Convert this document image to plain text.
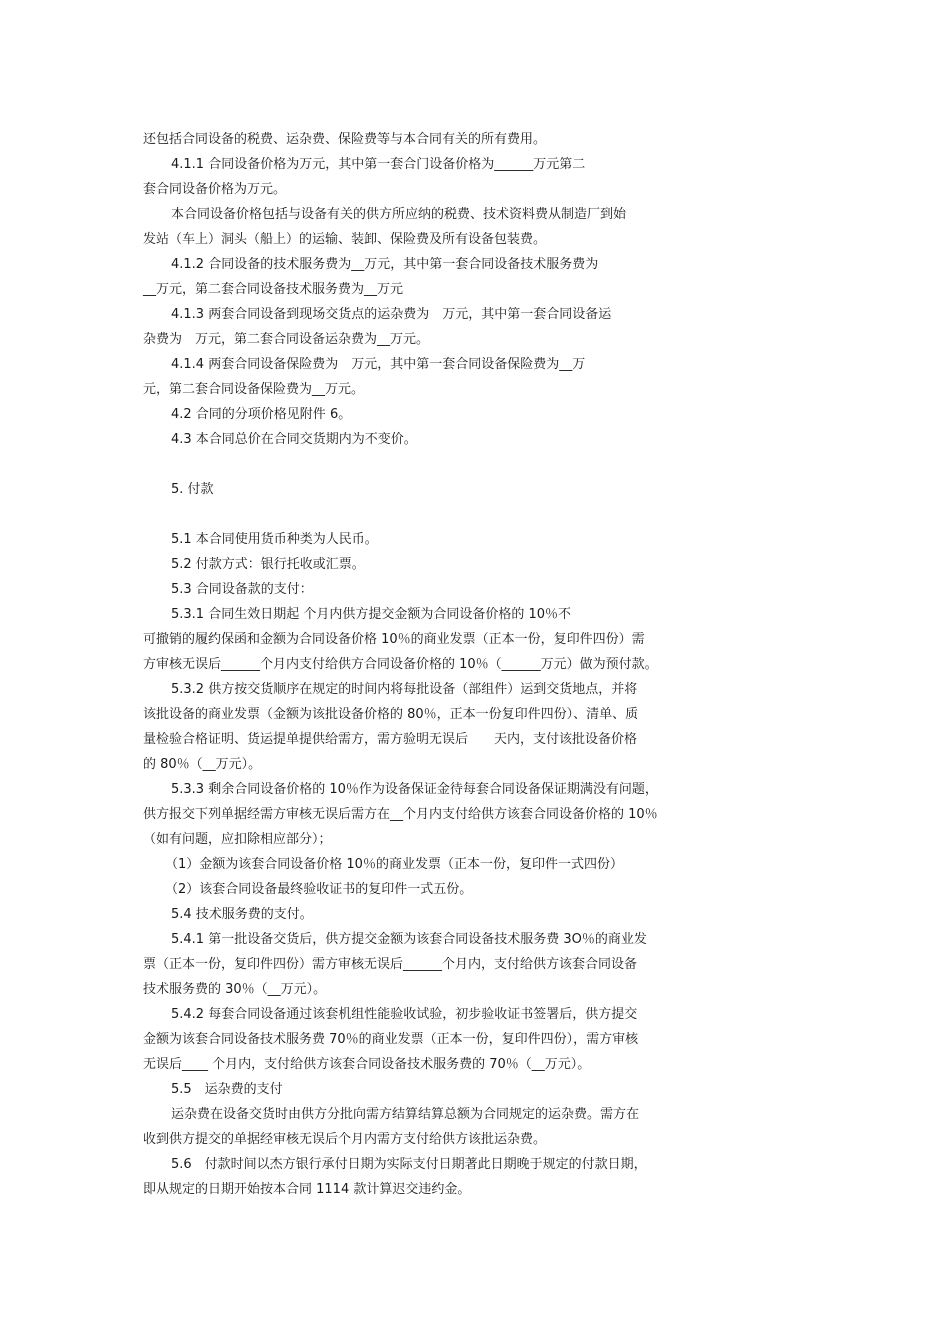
还包括合同设备的税费、运杂费、保险费等与本合同有关的所有费用。
4.1.1 合同设备价格为万元，其中第一套合门设备价格为______万元第二
套合同设备价格为万元。
本合同设备价格包括与设备有关的供方所应纳的税费、技术资料费从制造厂到始
发站（车上）洞头（船上）的运输、装卸、保险费及所有设备包装费。
4.1.2 合同设备的技术服务费为__万元，其中第一套合同设备技术服务费为
__万元，第二套合同设备技术服务费为__万元
4.1.3 两套合同设备到现场交货点的运杂费为　万元，其中第一套合同设备运
杂费为　万元，第二套合同设备运杂费为__万元。
4.1.4 两套合同设备保险费为　万元，其中第一套合同设备保险费为__万
元，第二套合同设备保险费为__万元。
4.2 合同的分项价格见附件 6。
4.3 本合同总价在合同交货期内为不变价。
5. 付款
5.1 本合同使用货币种类为人民币。
5.2 付款方式：银行托收或汇票。
5.3 合同设备款的支付：
5.3.1 合同生效日期起 个月内供方提交金额为合同设备价格的 10％不
可撤销的履约保函和金额为合同设备价格 10％的商业发票（正本一份，复印件四份）需
方审核无误后______个月内支付给供方合同设备价格的 10％（______万元）做为预付款。
5.3.2 供方按交货顺序在规定的时间内将每批设备（部组件）运到交货地点，并将
该批设备的商业发票（金额为该批设备价格的 80％，正本一份复印件四份）、清单、质
量检验合格证明、货运提单提供给需方，需方验明无误后　　天内，支付该批设备价格
的 80％（__万元）。
5.3.3 剩余合同设备价格的 10％作为设备保证金待每套合同设备保证期满没有问题，
供方报交下列单据经需方审核无误后需方在__个月内支付给供方该套合同设备价格的 10％
（如有问题，应扣除相应部分）；
（1）金额为该套合同设备价格 10％的商业发票（正本一份，复印件一式四份）
（2）该套合同设备最终验收证书的复印件一式五份。
5.4 技术服务费的支付。
5.4.1 第一批设备交货后，供方提交金额为该套合同设备技术服务费 3O％的商业发
票（正本一份，复印件四份）需方审核无误后______个月内，支付给供方该套合同设备
技术服务费的 30％（__万元）。
5.4.2 每套合同设备通过该套机组性能验收试验，初步验收证书签署后，供方提交
金额为该套合同设备技术服务费 70％的商业发票（正本一份，复印件四份），需方审核
无误后____ 个月内，支付给供方该套合同设备技术服务费的 70％（__万元）。
5.5　运杂费的支付
运杂费在设备交货时由供方分批向需方结算结算总额为合同规定的运杂费。需方在
收到供方提交的单据经审核无误后个月内需方支付给供方该批运杂费。
5.6　付款时间以杰方银行承付日期为实际支付日期著此日期晚于规定的付款日期，
即从规定的日期开始按本合同 1114 款计算迟交违约金。
